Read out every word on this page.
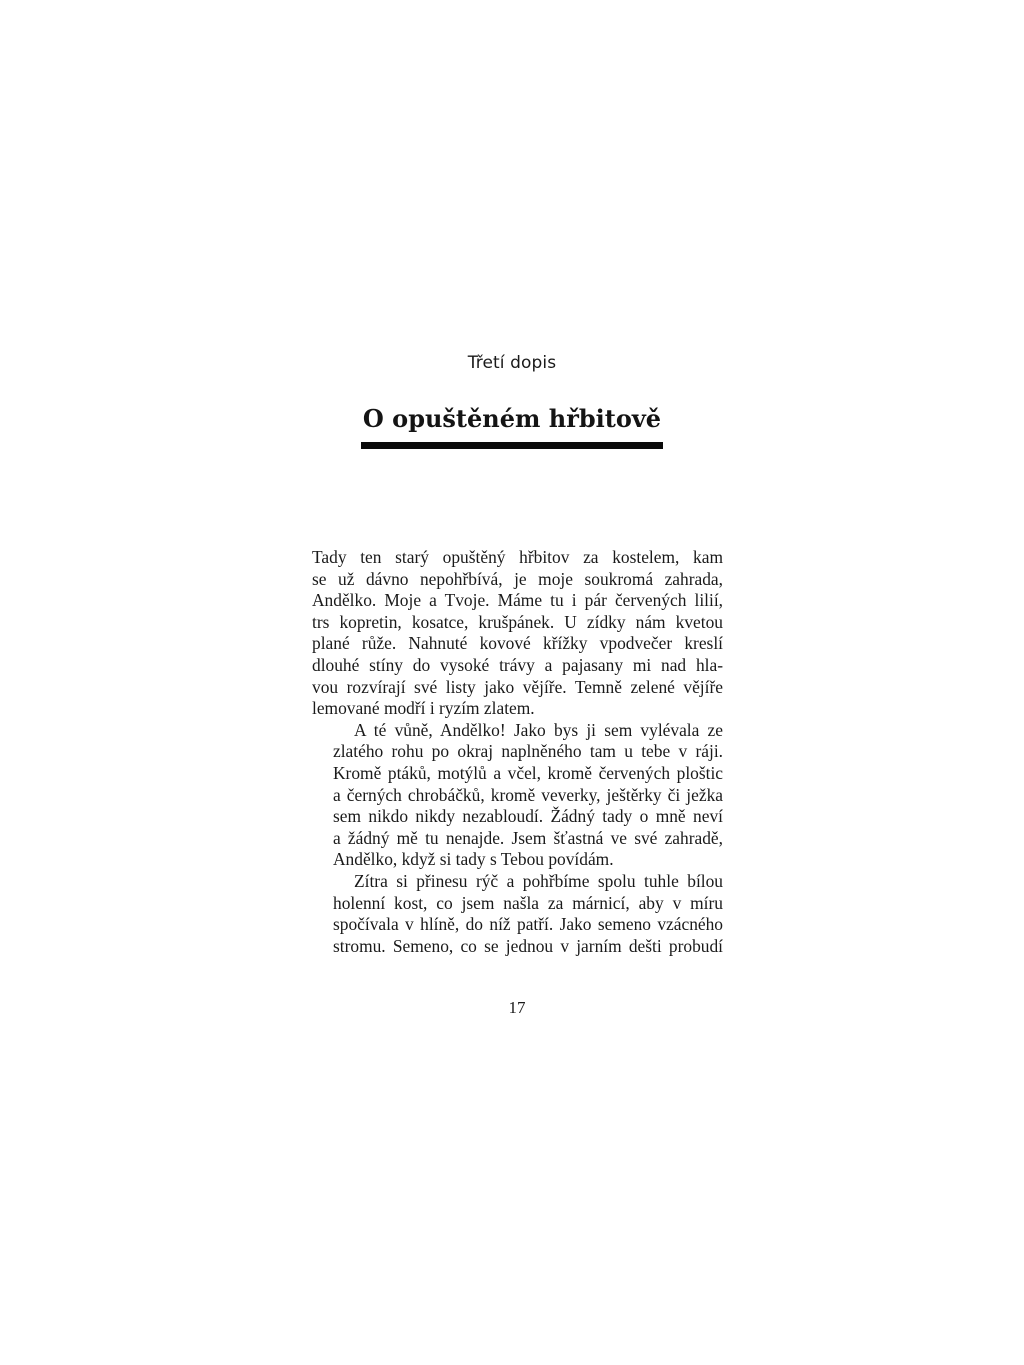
Třetí dopis
O opuštěném hřbitově

Tady ten starý opuštěný hřbitov za kostelem, kam
se už dávno nepohřbívá, je moje soukromá zahrada,
Andělko. Moje a Tvoje. Máme tu i pár červených lilií,
trs kopretin, kosatce, krušpánek. U zídky nám kvetou
plané růže. Nahnuté kovové křížky vpodvečer kreslí
dlouhé stíny do vysoké trávy a pajasany mi nad hla-
vou rozvírají své listy jako vějíře. Temně zelené vějíře
lemované modří i ryzím zlatem.

A té vůně, Andělko! Jako bys ji sem vylévala ze
zlatého rohu po okraj naplněného tam u tebe v ráji.
Kromě ptáků, motýlů a včel, kromě červených ploštic
a černých chrobáčků, kromě veverky, ještěrky či ježka
sem nikdo nikdy nezabloudí. Žádný tady o mně neví
a žádný mě tu nenajde. Jsem šťastná ve své zahradě,
Andělko, když si tady s Tebou povídám.

Zítra si přinesu rýč a pohřbíme spolu tuhle bílou
holenní kost, co jsem našla za márnicí, aby v míru
spočívala v hlíně, do níž patří. Jako semeno vzácného
stromu. Semeno, co se jednou v jarním dešti probudí

17
